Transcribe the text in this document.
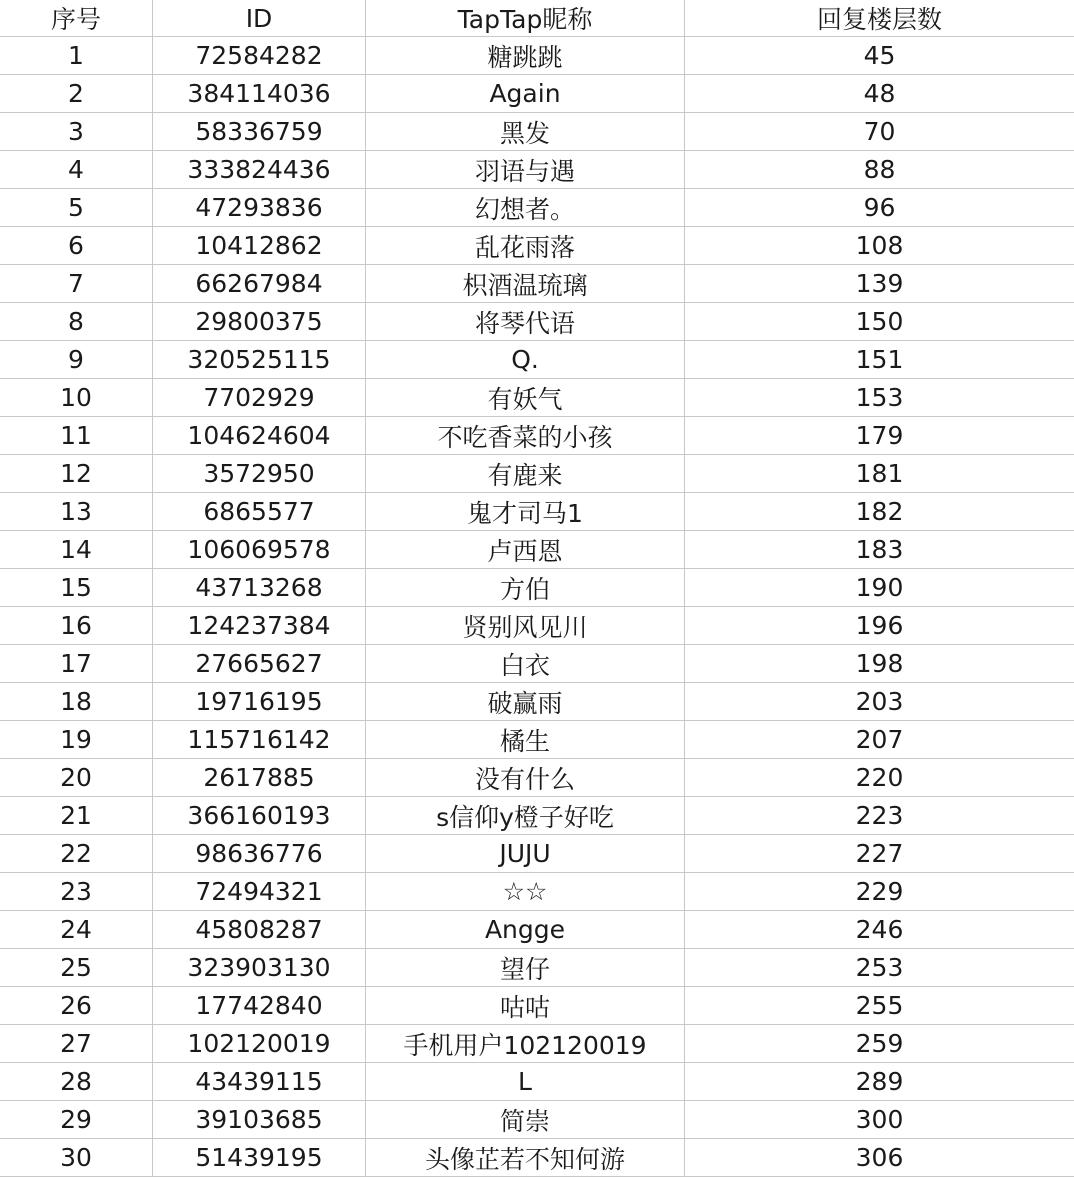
序号	ID	TapTap昵称	回复楼层数
1	72584282	糖跳跳	45
2	384114036	Again	48
3	58336759	黑发	70
4	333824436	羽语与遇	88
5	47293836	幻想者。	96
6	10412862	乱花雨落	108
7	66267984	枳酒温琉璃	139
8	29800375	将琴代语	150
9	320525115	Q.	151
10	7702929	有妖气	153
11	104624604	不吃香菜的小孩	179
12	3572950	有鹿来	181
13	6865577	鬼才司马1	182
14	106069578	卢西恩	183
15	43713268	方伯	190
16	124237384	贤别风见川	196
17	27665627	白衣	198
18	19716195	破赢雨	203
19	115716142	橘生	207
20	2617885	没有什么	220
21	366160193	s信仰y橙子好吃	223
22	98636776	JUJU	227
23	72494321	☆☆	229
24	45808287	Angge	246
25	323903130	望仔	253
26	17742840	咕咕	255
27	102120019	手机用户102120019	259
28	43439115	L	289
29	39103685	简崇	300
30	51439195	头像芷若不知何游	306
